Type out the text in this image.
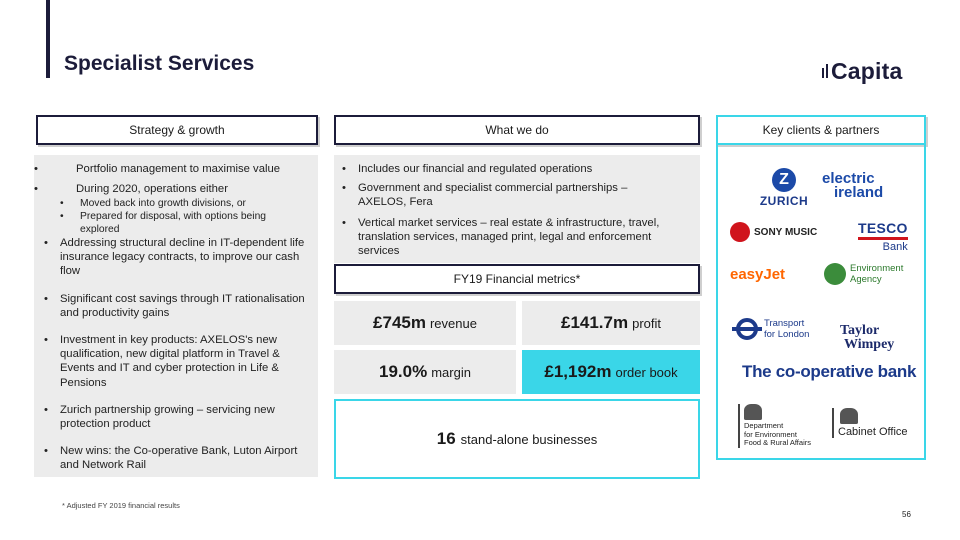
Specialist Services	Capita
Strategy & growth	What we do	Key clients & partners
•	Portfolio management to maximise value
•	During 2020, operations either
• Moved back into growth divisions, or
• Prepared for disposal, with options being explored
• Addressing structural decline in IT-dependent life insurance legacy contracts, to improve our cash flow
• Significant cost savings through IT rationalisation and productivity gains
• Investment in key products: AXELOS's new qualification, new digital platform in Travel & Events and IT and cyber protection in Life & Pensions
• Zurich partnership growing – servicing new protection product
• New wins: the Co-operative Bank, Luton Airport and Network Rail
• Includes our financial and regulated operations
• Government and specialist commercial partnerships – AXELOS, Fera
• Vertical market services – real estate & infrastructure, travel, translation services, managed print, legal and enforcement services
FY19 Financial metrics*
£745m revenue	£141.7m profit
19.0% margin	£1,192m order book
16 stand-alone businesses
Z
ZURICH
electric
ireland
SONY MUSIC	TESCO
Bank
easyJet	Environment
Agency
Transport
for London Taylor
Wimpey
The co-operative bank
Department
for Environment
Food & Rural Affairs
Cabinet Office
* Adjusted FY 2019 financial results
56
